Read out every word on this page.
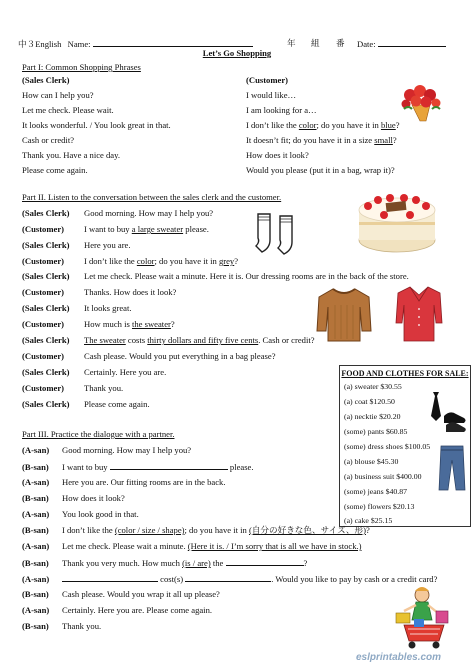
中３English Name:	年 組 番 Date:
Let’s Go Shopping
Part I: Common Shopping Phrases
(Sales Clerk)	(Customer)
How can I help you?
Let me check. Please wait.
It looks wonderful. / You look great in that.
Cash or credit?
Thank you. Have a nice day.
Please come again.
I would like…
I am looking for a…
I don’t like the color; do you have it in blue?
It doesn’t fit; do you have it in a size small?
How does it look?
Would you please (put it in a bag, wrap it)?
Part II. Listen to the conversation between the sales clerk and the customer.
(Sales Clerk) Good morning. How may I help you?
(Customer) I want to buy a large sweater please.
(Sales Clerk) Here you are.
(Customer) I don’t like the color; do you have it in grey?
(Sales Clerk) Let me check. Please wait a minute. Here it is. Our dressing rooms are in the back of the store.
(Customer) Thanks. How does it look?
(Sales Clerk) It looks great.
(Customer) How much is the sweater?
(Sales Clerk) The sweater costs thirty dollars and fifty five cents. Cash or credit?
(Customer) Cash please. Would you put everything in a bag please?
(Sales Clerk) Certainly. Here you are.
(Customer) Thank you.
(Sales Clerk) Please come again.
FOOD AND CLOTHES FOR SALE:
(a) sweater $30.55
(a) coat $120.50
(a) necktie $20.20
(some) pants $60.85
(some) dress shoes $100.05
(a) blouse $45.30
(a) business suit $400.00
(some) jeans $40.87
(some) flowers $20.13
(a) cake $25.15
Part III. Practice the dialogue with a partner.
(A-san) Good morning. How may I help you?
(B-san) I want to buy	please.
(A-san) Here you are. Our fitting rooms are in the back.
(B-san) How does it look?
(A-san) You look good in that.
(B-san) I don’t like the (color / size / shape); do you have it in (自分の好きな色、サイズ、形)?
(A-san) Let me check. Please wait a minute. (Here it is. / I’m sorry that is all we have in stock.)
(B-san) Thank you very much. How much (is / are) the	?
(A-san)	cost(s)	. Would you like to pay by cash or a credit card?
(B-san) Cash please. Would you wrap it all up please?
(A-san) Certainly. Here you are. Please come again.
(B-san) Thank you.
eslprintables.com
